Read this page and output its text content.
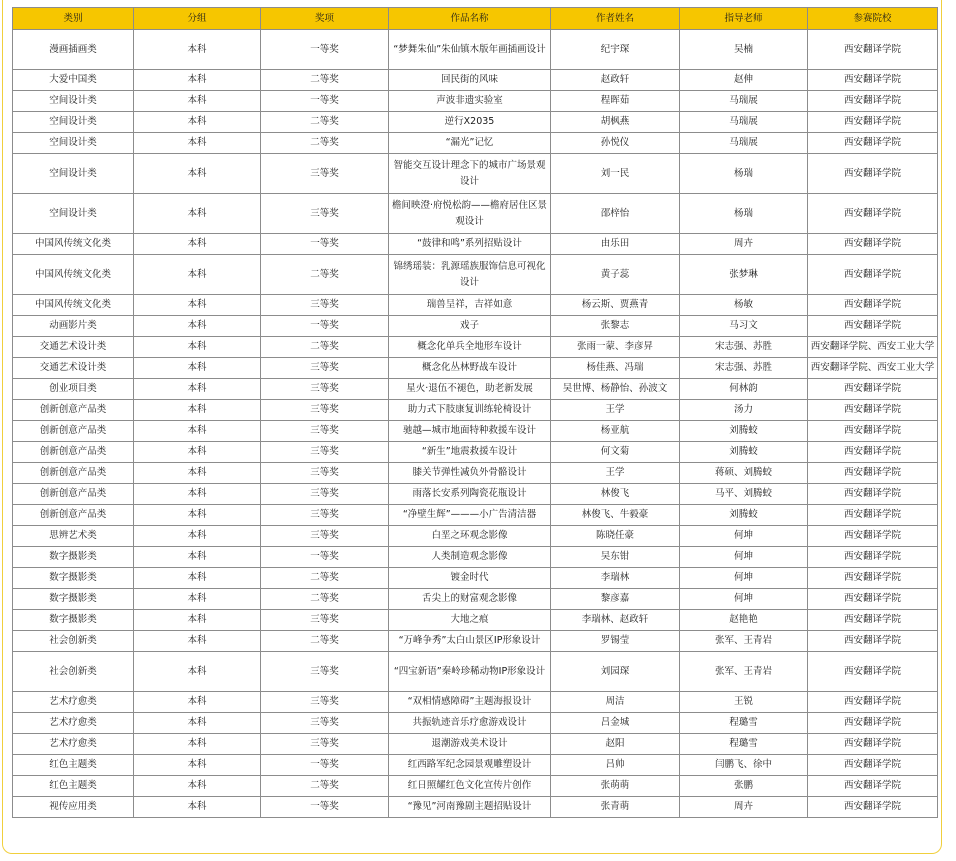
类别	分组	奖项	作品名称	作者姓名	指导老师	参赛院校
漫画插画类	本科	一等奖	“梦舞朱仙”朱仙镇木版年画插画设计	纪宇琛	吴楠	西安翻译学院
大爱中国类	本科	二等奖	回民街的风味	赵政轩	赵伸	西安翻译学院
空间设计类	本科	一等奖	声波非遗实验室	程晖茹	马瑞展	西安翻译学院
空间设计类	本科	二等奖	逆行X2035	胡枫燕	马瑞展	西安翻译学院
空间设计类	本科	二等奖	“漏光”记忆	孙悦仪	马瑞展	西安翻译学院
空间设计类	本科	三等奖	智能交互设计理念下的城市广场景观设计	刘一民	杨瑞	西安翻译学院
空间设计类	本科	三等奖	檐间映澄·府悦松韵——檐府居住区景观设计	邵梓怡	杨瑞	西安翻译学院
中国风传统文化类	本科	一等奖	“鼓律和鸣”系列招贴设计	由乐田	周卉	西安翻译学院
中国风传统文化类	本科	二等奖	锦绣瑶装：乳源瑶族服饰信息可视化设计	黄子蕊	张梦琳	西安翻译学院
中国风传统文化类	本科	三等奖	瑞兽呈祥，吉祥如意	杨云斯、贾燕青	杨敏	西安翻译学院
动画影片类	本科	一等奖	戏子	张黎志	马习文	西安翻译学院
交通艺术设计类	本科	二等奖	概念化单兵全地形车设计	张雨一蒙、李彦昇	宋志强、苏胜	西安翻译学院、西安工业大学
交通艺术设计类	本科	三等奖	概念化丛林野战车设计	杨佳燕、冯瑞	宋志强、苏胜	西安翻译学院、西安工业大学
创业项目类	本科	三等奖	星火·退伍不褪色，助老新发展	吴世博、杨静怡、孙波文	何林韵	西安翻译学院
创新创意产品类	本科	三等奖	助力式下肢康复训练轮椅设计	王学	汤力	西安翻译学院
创新创意产品类	本科	三等奖	驰越—城市地面特种救援车设计	杨亚航	刘腾蛟	西安翻译学院
创新创意产品类	本科	三等奖	“新生”地震救援车设计	何文菊	刘腾蛟	西安翻译学院
创新创意产品类	本科	三等奖	膝关节弹性减负外骨骼设计	王学	蒋硕、刘腾蛟	西安翻译学院
创新创意产品类	本科	三等奖	雨落长安系列陶瓷花瓶设计	林俊飞	马平、刘腾蛟	西安翻译学院
创新创意产品类	本科	三等奖	“净壁生辉”———小广告清洁器	林俊飞、牛毅豪	刘腾蛟	西安翻译学院
思辨艺术类	本科	三等奖	白垩之环观念影像	陈晓任豪	何坤	西安翻译学院
数字摄影类	本科	一等奖	人类制造观念影像	吴东钳	何坤	西安翻译学院
数字摄影类	本科	二等奖	镀金时代	李瑞林	何坤	西安翻译学院
数字摄影类	本科	二等奖	舌尖上的财富观念影像	黎彦嘉	何坤	西安翻译学院
数字摄影类	本科	三等奖	大地之痕	李瑞林、赵政轩	赵艳艳	西安翻译学院
社会创新类	本科	二等奖	“万峰争秀”太白山景区IP形象设计	罗锡莹	张军、王青岩	西安翻译学院
社会创新类	本科	三等奖	“四宝新语”秦岭珍稀动物IP形象设计	刘园琛	张军、王青岩	西安翻译学院
艺术疗愈类	本科	三等奖	“双相情感障碍”主题海报设计	周洁	王锐	西安翻译学院
艺术疗愈类	本科	三等奖	共振轨迹音乐疗愈游戏设计	吕金城	程璐雪	西安翻译学院
艺术疗愈类	本科	三等奖	退潮游戏美术设计	赵阳	程璐雪	西安翻译学院
红色主题类	本科	一等奖	红西路军纪念园景观雕塑设计	吕帅	闫鹏飞、徐中	西安翻译学院
红色主题类	本科	二等奖	红日照耀红色文化宣传片创作	张萌萌	张鹏	西安翻译学院
视传应用类	本科	一等奖	“豫见”河南豫剧主题招贴设计	张青萌	周卉	西安翻译学院
